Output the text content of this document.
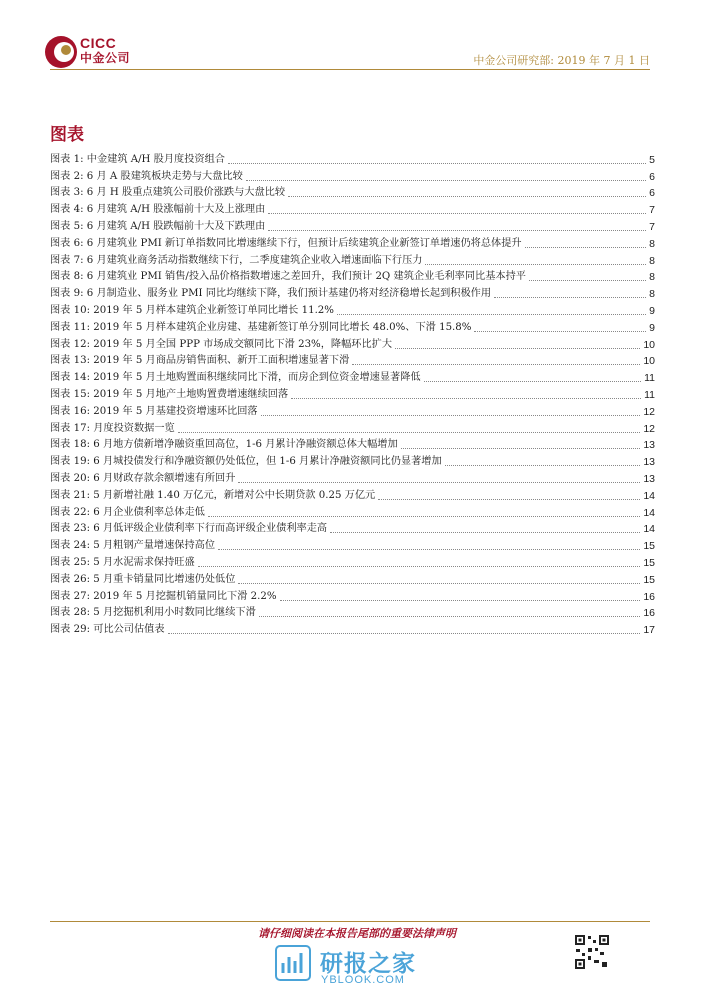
CICC
中金公司	中金公司研究部: 2019 年 7 月 1 日
图表
图表 1: 中金建筑 A/H 股月度投资组合	5
图表 2: 6 月 A 股建筑板块走势与大盘比较	6
图表 3: 6 月 H 股重点建筑公司股价涨跌与大盘比较	6
图表 4: 6 月建筑 A/H 股涨幅前十大及上涨理由	7
图表 5: 6 月建筑 A/H 股跌幅前十大及下跌理由	7
图表 6: 6 月建筑业 PMI 新订单指数同比增速继续下行，但预计后续建筑企业新签订单增速仍将总体提升	8
图表 7: 6 月建筑业商务活动指数继续下行，二季度建筑企业收入增速面临下行压力	8
图表 8: 6 月建筑业 PMI 销售/投入品价格指数增速之差回升，我们预计 2Q 建筑企业毛利率同比基本持平	8
图表 9: 6 月制造业、服务业 PMI 同比均继续下降，我们预计基建仍将对经济稳增长起到积极作用	8
图表 10: 2019 年 5 月样本建筑企业新签订单同比增长 11.2%	9
图表 11: 2019 年 5 月样本建筑企业房建、基建新签订单分别同比增长 48.0%、下滑 15.8%	9
图表 12: 2019 年 5 月全国 PPP 市场成交额同比下滑 23%，降幅环比扩大	10
图表 13: 2019 年 5 月商品房销售面积、新开工面积增速显著下滑	10
图表 14: 2019 年 5 月土地购置面积继续同比下滑，而房企到位资金增速显著降低	11
图表 15: 2019 年 5 月地产土地购置费增速继续回落	11
图表 16: 2019 年 5 月基建投资增速环比回落	12
图表 17: 月度投资数据一览	12
图表 18: 6 月地方债新增净融资重回高位，1-6 月累计净融资额总体大幅增加	13
图表 19: 6 月城投债发行和净融资额仍处低位，但 1-6 月累计净融资额同比仍显著增加	13
图表 20: 6 月财政存款余额增速有所回升	13
图表 21: 5 月新增社融 1.40 万亿元，新增对公中长期贷款 0.25 万亿元	14
图表 22: 6 月企业债利率总体走低	14
图表 23: 6 月低评级企业债利率下行而高评级企业债利率走高	14
图表 24: 5 月粗钢产量增速保持高位	15
图表 25: 5 月水泥需求保持旺盛	15
图表 26: 5 月重卡销量同比增速仍处低位	15
图表 27: 2019 年 5 月挖掘机销量同比下滑 2.2%	16
图表 28: 5 月挖掘机利用小时数同比继续下滑	16
图表 29: 可比公司估值表	17
请仔细阅读在本报告尾部的重要法律声明
研报之家
YBLOOK.COM
